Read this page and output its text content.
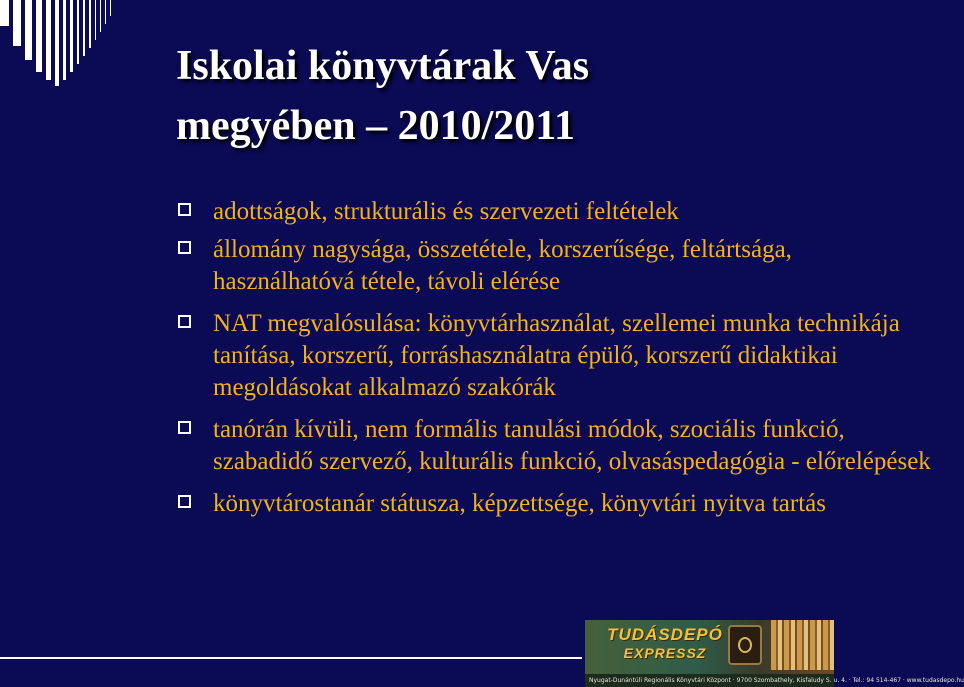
Iskolai könyvtárak Vas
megyében – 2010/2011
adottságok, strukturális és szervezeti feltételek
állomány nagysága, összetétele, korszerűsége, feltártsága, használhatóvá tétele, távoli elérése
NAT megvalósulása: könyvtárhasználat, szellemei munka technikája tanítása, korszerű, forráshasználatra épülő, korszerű didaktikai megoldásokat alkalmazó szakórák
tanórán kívüli, nem formális tanulási módok, szociális funkció, szabadidő szervező, kulturális funkció, olvasáspedagógia - előrelépések
könyvtárostanár státusza, képzettsége, könyvtári nyitva tartás
TUDÁSDEPÓ
EXPRESSZ
Nyugat-Dunántúli Regionális Könyvtári Központ · 9700 Szombathely, Kisfaludy S. u. 4. · Tel.: 94 514-467 · www.tudasdepo.hu
